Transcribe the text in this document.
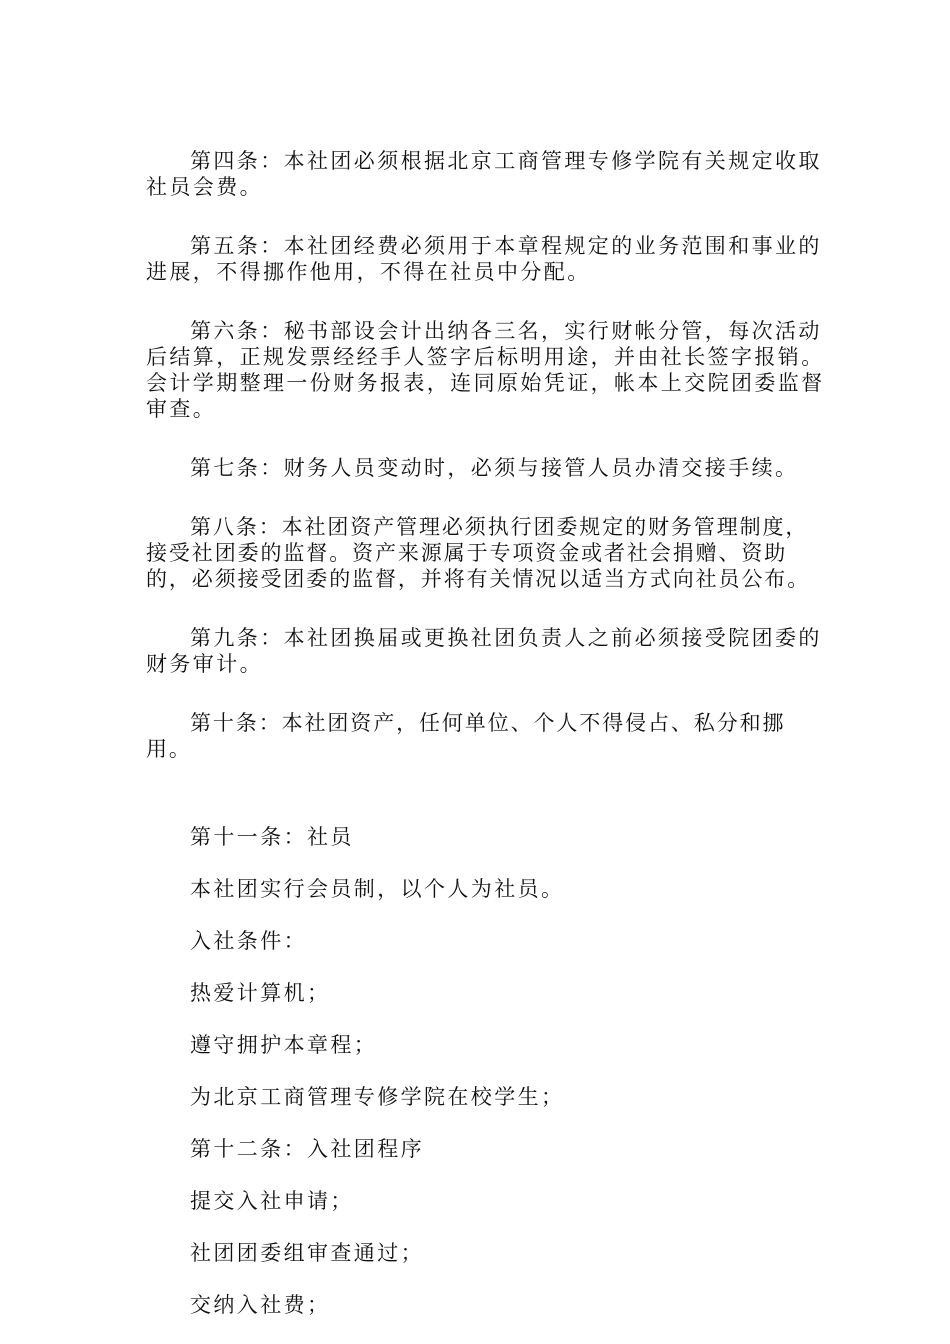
第四条：本社团必须根据北京工商管理专修学院有关规定收取社员会费。

第五条：本社团经费必须用于本章程规定的业务范围和事业的进展，不得挪作他用，不得在社员中分配。

第六条：秘书部设会计出纳各三名，实行财帐分管，每次活动后结算，正规发票经经手人签字后标明用途，并由社长签字报销。会计学期整理一份财务报表，连同原始凭证，帐本上交院团委监督审查。

第七条：财务人员变动时，必须与接管人员办清交接手续。

第八条：本社团资产管理必须执行团委规定的财务管理制度，接受社团委的监督。资产来源属于专项资金或者社会捐赠、资助的，必须接受团委的监督，并将有关情况以适当方式向社员公布。

第九条：本社团换届或更换社团负责人之前必须接受院团委的财务审计。

第十条：本社团资产，任何单位、个人不得侵占、私分和挪用。

第十一条：社员

本社团实行会员制，以个人为社员。

入社条件：

热爱计算机；

遵守拥护本章程；

为北京工商管理专修学院在校学生；

第十二条：入社团程序

提交入社申请；

社团团委组审查通过；

交纳入社费；
